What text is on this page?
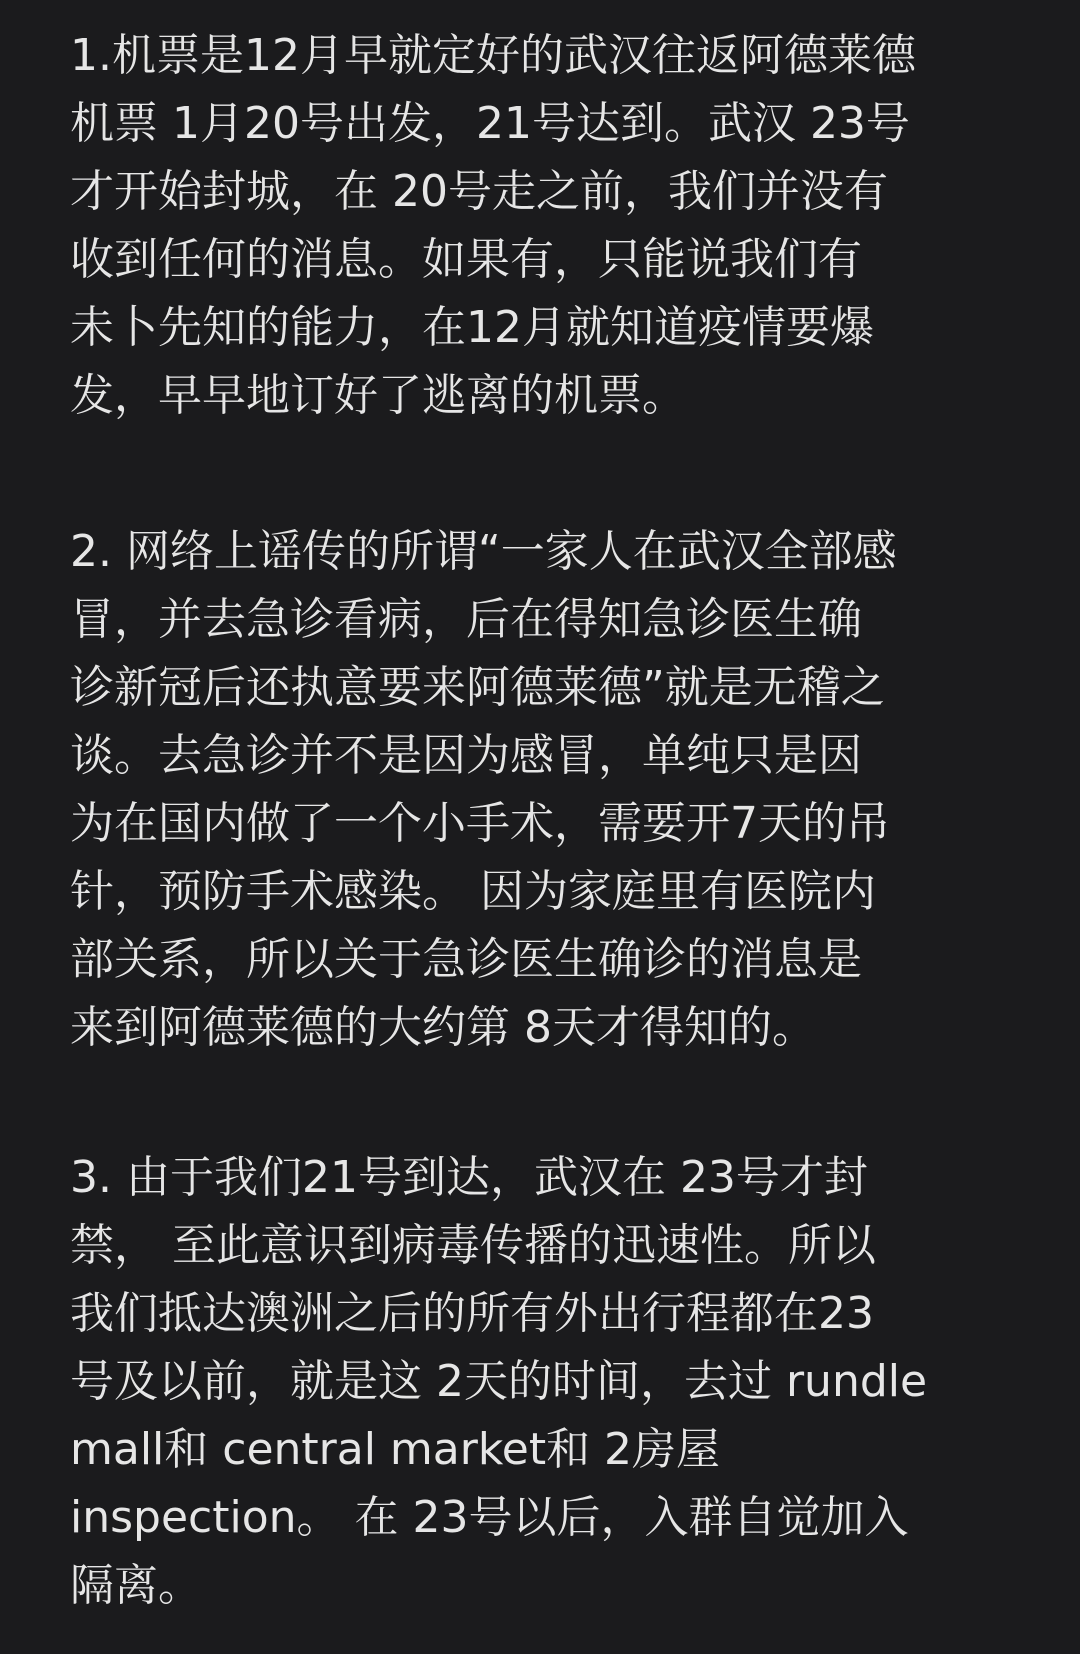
1.机票是12月早就定好的武汉往返阿德莱德
机票 1月20号出发，21号达到。武汉 23号
才开始封城，在 20号走之前，我们并没有
收到任何的消息。如果有，只能说我们有
未卜先知的能力，在12月就知道疫情要爆
发，早早地订好了逃离的机票。
2. 网络上谣传的所谓“一家人在武汉全部感
冒，并去急诊看病，后在得知急诊医生确
诊新冠后还执意要来阿德莱德”就是无稽之
谈。去急诊并不是因为感冒，单纯只是因
为在国内做了一个小手术，需要开7天的吊
针，预防手术感染。 因为家庭里有医院内
部关系，所以关于急诊医生确诊的消息是
来到阿德莱德的大约第 8天才得知的。
3. 由于我们21号到达，武汉在 23号才封
禁， 至此意识到病毒传播的迅速性。所以
我们抵达澳洲之后的所有外出行程都在23
号及以前，就是这 2天的时间，去过 rundle
mall和 central market和 2房屋
inspection。 在 23号以后，入群自觉加入
隔离。
